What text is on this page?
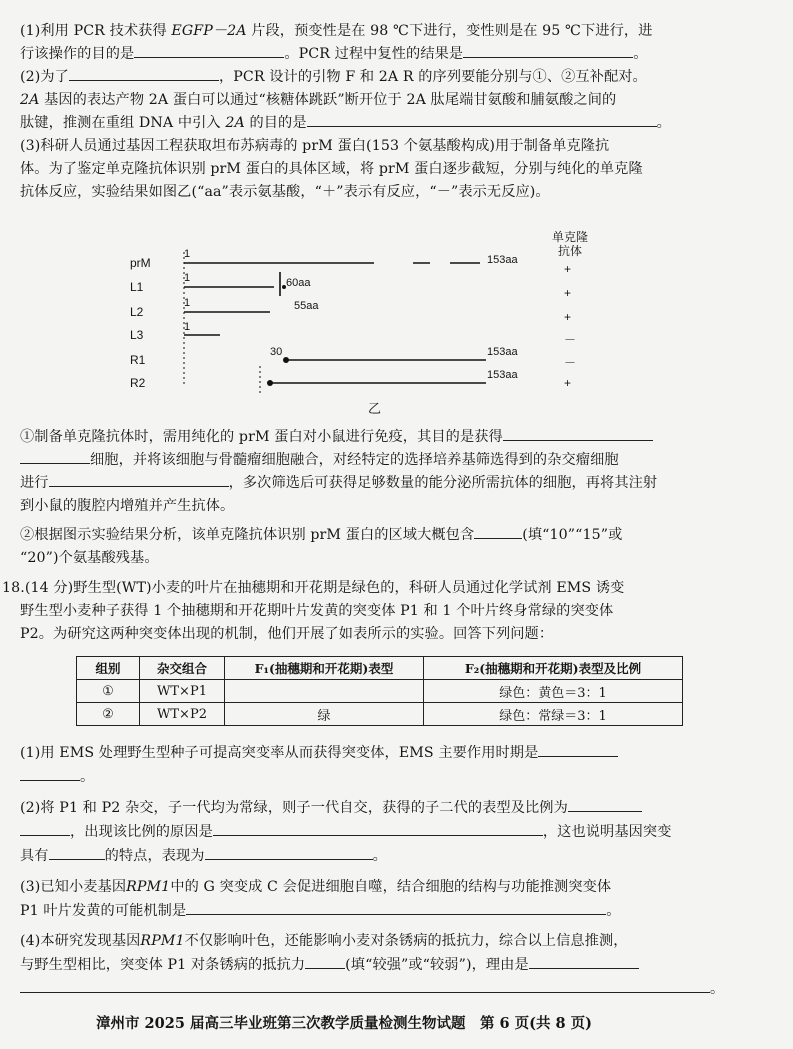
(1)利用 PCR 技术获得 EGFP－2A 片段，预变性是在 98 ℃下进行，变性则是在 95 ℃下进行，进
行该操作的目的是	。PCR 过程中复性的结果是	。
(2)为了	，PCR 设计的引物 F 和 2A R 的序列要能分别与①、②互补配对。
2A 基因的表达产物 2A 蛋白可以通过“核糖体跳跃”断开位于 2A 肽尾端甘氨酸和脯氨酸之间的
肽键，推测在重组 DNA 中引入 2A 的目的是	。
(3)科研人员通过基因工程获取坦布苏病毒的 prM 蛋白(153 个氨基酸构成)用于制备单克隆抗
体。为了鉴定单克隆抗体识别 prM 蛋白的具体区域，将 prM 蛋白逐步截短，分别与纯化的单克隆
抗体反应，实验结果如图乙(“aa”表示氨基酸，“＋”表示有反应，“－”表示无反应)。
单克隆
抗体
prM
L1
L2
L3
R1
R2
1
1
1
1
30
153aa
60aa
55aa
153aa
153aa
+
+
+
－
－
+
乙
①制备单克隆抗体时，需用纯化的 prM 蛋白对小鼠进行免疫，其目的是获得
细胞，并将该细胞与骨髓瘤细胞融合，对经特定的选择培养基筛选得到的杂交瘤细胞
进行	，多次筛选后可获得足够数量的能分泌所需抗体的细胞，再将其注射
到小鼠的腹腔内增殖并产生抗体。
②根据图示实验结果分析，该单克隆抗体识别 prM 蛋白的区域大概包含	(填“10”“15”或
“20”)个氨基酸残基。
18.(14 分)野生型(WT)小麦的叶片在抽穗期和开花期是绿色的，科研人员通过化学试剂 EMS 诱变
野生型小麦种子获得 1 个抽穗期和开花期叶片发黄的突变体 P1 和 1 个叶片终身常绿的突变体
P2。为研究这两种突变体出现的机制，他们开展了如表所示的实验。回答下列问题：
组别	杂交组合	F₁(抽穗期和开花期)表型	F₂(抽穗期和开花期)表型及比例
①	WT×P1		绿色：黄色＝3：1
②	WT×P2	绿	绿色：常绿＝3：1
(1)用 EMS 处理野生型种子可提高突变率从而获得突变体，EMS 主要作用时期是
。
(2)将 P1 和 P2 杂交，子一代均为常绿，则子一代自交，获得的子二代的表型及比例为
，出现该比例的原因是	，这也说明基因突变
具有	的特点，表现为	。
(3)已知小麦基因RPM1中的 G 突变成 C 会促进细胞自噬，结合细胞的结构与功能推测突变体
P1 叶片发黄的可能机制是	。
(4)本研究发现基因RPM1不仅影响叶色，还能影响小麦对条锈病的抵抗力，综合以上信息推测，
与野生型相比，突变体 P1 对条锈病的抵抗力	(填“较强”或“较弱”)，理由是
。
漳州市 2025 届高三毕业班第三次教学质量检测生物试题　第 6 页(共 8 页)
